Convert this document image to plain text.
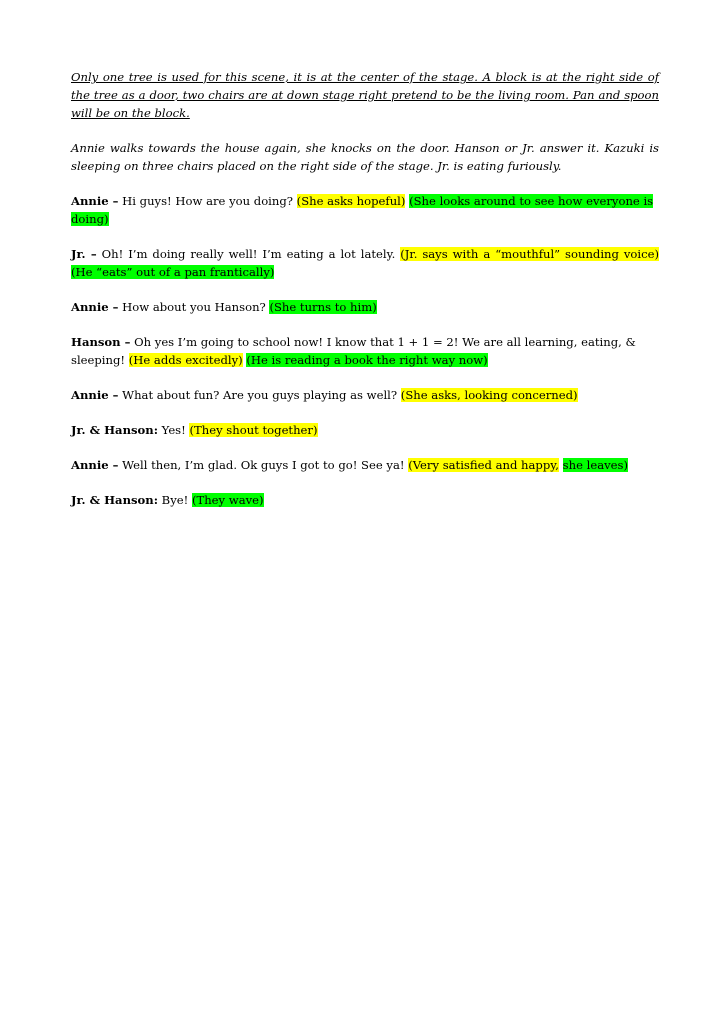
Only one tree is used for this scene, it is at the center of the stage. A block is at the right side of the tree as a door, two chairs are at down stage right pretend to be the living room. Pan and spoon will be on the block.

Annie walks towards the house again, she knocks on the door. Hanson or Jr. answer it. Kazuki is sleeping on three chairs placed on the right side of the stage. Jr. is eating furiously.

Annie – Hi guys! How are you doing? (She asks hopeful) (She looks around to see how everyone is doing)

Jr. – Oh! I’m doing really well! I’m eating a lot lately. (Jr. says with a “mouthful” sounding voice) (He “eats” out of a pan frantically)

Annie – How about you Hanson? (She turns to him)

Hanson – Oh yes I’m going to school now! I know that 1 + 1 = 2! We are all learning, eating, & sleeping! (He adds excitedly) (He is reading a book the right way now)

Annie – What about fun? Are you guys playing as well? (She asks, looking concerned)

Jr. & Hanson: Yes! (They shout together)

Annie – Well then, I’m glad. Ok guys I got to go! See ya! (Very satisfied and happy, she leaves)

Jr. & Hanson: Bye! (They wave)
